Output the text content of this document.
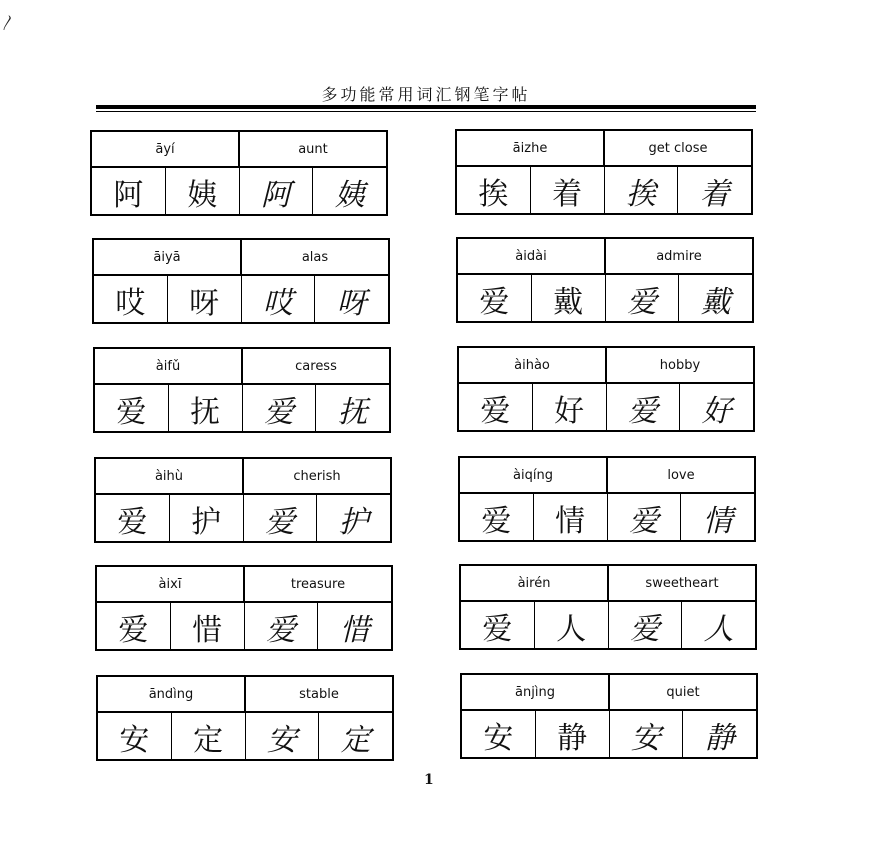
〳
多功能常用词汇钢笔字帖
āyí	aunt
阿	姨	阿	姨
āiyā	alas
哎	呀	哎	呀
àifǔ	caress
爱	抚	爱	抚
àihù	cherish
爱	护	爱	护
àixī	treasure
爱	惜	爱	惜
āndìng	stable
安	定	安	定
āizhe	get close
挨	着	挨	着
àidài	admire
爱	戴	爱	戴
àihào	hobby
爱	好	爱	好
àiqíng	love
爱	情	爱	情
àirén	sweetheart
爱	人	爱	人
ānjìng	quiet
安	静	安	静
1
